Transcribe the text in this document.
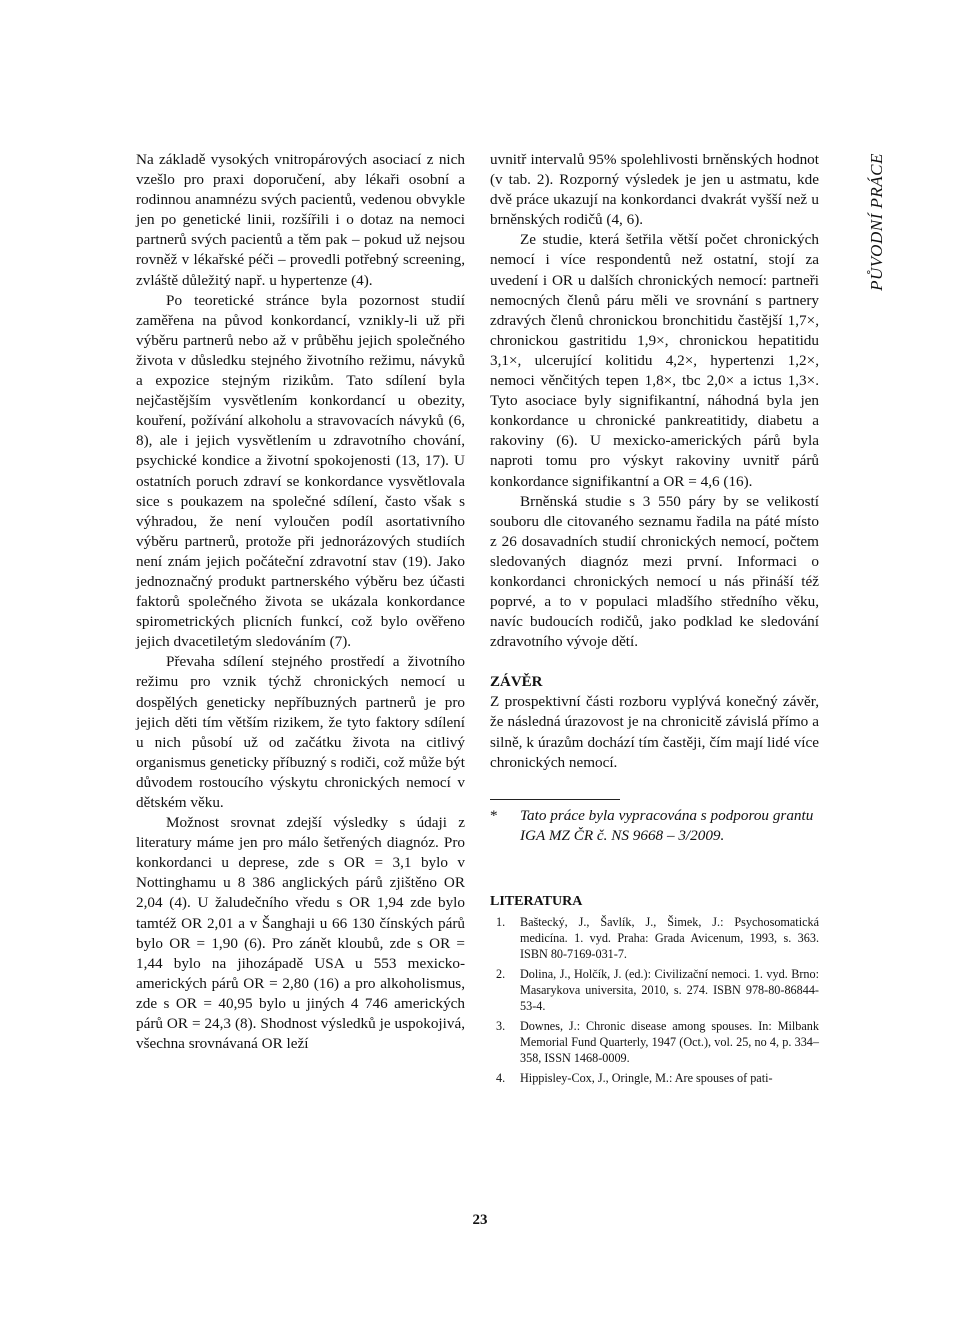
Na základě vysokých vnitropárových asociací z nich vzešlo pro praxi doporučení, aby lékaři osobní a rodinnou anamnézu svých pacientů, vedenou obvykle jen po genetické linii, rozšířili i o dotaz na nemoci partnerů svých pacientů a těm pak – pokud už nejsou rovněž v lékařské péči – provedli potřebný screening, zvláště důležitý např. u hypertenze (4).

Po teoretické stránce byla pozornost studií zaměřena na původ konkordancí, vznikly-li už při výběru partnerů nebo až v průběhu jejich společného života v důsledku stejného životního režimu, návyků a expozice stejným rizikům. Tato sdílení byla nejčastějším vysvětlením konkordancí u obezity, kouření, požívání alkoholu a stravovacích návyků (6, 8), ale i jejich vysvětlením u zdravotního chování, psychické kondice a životní spokojenosti (13, 17). U ostatních poruch zdraví se konkordance vysvětlovala sice s poukazem na společné sdílení, často však s výhradou, že není vyloučen podíl asortativního výběru partnerů, protože při jednorázových studiích není znám jejich počáteční zdravotní stav (19). Jako jednoznačný produkt partnerského výběru bez účasti faktorů společného života se ukázala konkordance spirometrických plicních funkcí, což bylo ověřeno jejich dvacetiletým sledováním (7).

Převaha sdílení stejného prostředí a životního režimu pro vznik týchž chronických nemocí u dospělých geneticky nepříbuzných partnerů je pro jejich děti tím větším rizikem, že tyto faktory sdílení u nich působí už od začátku života na citlivý organismus geneticky příbuzný s rodiči, což může být důvodem rostoucího výskytu chronických nemocí v dětském věku.

Možnost srovnat zdejší výsledky s údaji z literatury máme jen pro málo šetřených diagnóz. Pro konkordanci u deprese, zde s OR = 3,1 bylo v Nottinghamu u 8 386 anglických párů zjištěno OR 2,04 (4). U žaludečního vředu s OR 1,94 zde bylo tamtéž OR 2,01 a v Šanghaji u 66 130 čínských párů bylo OR = 1,90 (6). Pro zánět kloubů, zde s OR = 1,44 bylo na jihozápadě USA u 553 mexicko-amerických párů OR = 2,80 (16) a pro alkoholismus, zde s OR = 40,95 bylo u jiných 4 746 amerických párů OR = 24,3 (8). Shodnost výsledků je uspokojivá, všechna srovnávaná OR leží

uvnitř intervalů 95% spolehlivosti brněnských hodnot (v tab. 2). Rozporný výsledek je jen u astmatu, kde dvě práce ukazují na konkordanci dvakrát vyšší než u brněnských rodičů (4, 6).

Ze studie, která šetřila větší počet chronických nemocí i více respondentů než ostatní, stojí za uvedení i OR u dalších chronických nemocí: partneři nemocných členů páru měli ve srovnání s partnery zdravých členů chronickou bronchitidu častější 1,7×, chronickou gastritidu 1,9×, chronickou hepatitidu 3,1×, ulcerující kolitidu 4,2×, hypertenzi 1,2×, nemoci věnčitých tepen 1,8×, tbc 2,0× a ictus 1,3×. Tyto asociace byly signifikantní, náhodná byla jen konkordance u chronické pankreatitidy, diabetu a rakoviny (6). U mexicko-amerických párů byla naproti tomu pro výskyt rakoviny uvnitř párů konkordance signifikantní a OR = 4,6 (16).

Brněnská studie s 3 550 páry by se velikostí souboru dle citovaného seznamu řadila na páté místo z 26 dosavadních studií chronických nemocí, počtem sledovaných diagnóz mezi první. Informaci o konkordanci chronických nemocí u nás přináší též poprvé, a to v populaci mladšího středního věku, navíc budoucích rodičů, jako podklad ke sledování zdravotního vývoje dětí.

ZÁVĚR

Z prospektivní části rozboru vyplývá konečný závěr, že následná úrazovost je na chronicitě závislá přímo a silně, k úrazům dochází tím častěji, čím mají lidé více chronických nemocí.

* Tato práce byla vypracována s podporou grantu IGA MZ ČR č. NS 9668 – 3/2009.
LITERATURA
1. Baštecký, J., Šavlík, J., Šimek, J.: Psychosomatická medicína. 1. vyd. Praha: Grada Avicenum, 1993, s. 363. ISBN 80-7169-031-7.
2. Dolina, J., Holčík, J. (ed.): Civilizační nemoci. 1. vyd. Brno: Masarykova universita, 2010, s. 274. ISBN 978-80-86844-53-4.
3. Downes, J.: Chronic disease among spouses. In: Milbank Memorial Fund Quarterly, 1947 (Oct.), vol. 25, no 4, p. 334–358, ISSN 1468-0009.
4. Hippisley-Cox, J., Oringle, M.: Are spouses of pati-
PŮVODNÍ PRÁCE
23
